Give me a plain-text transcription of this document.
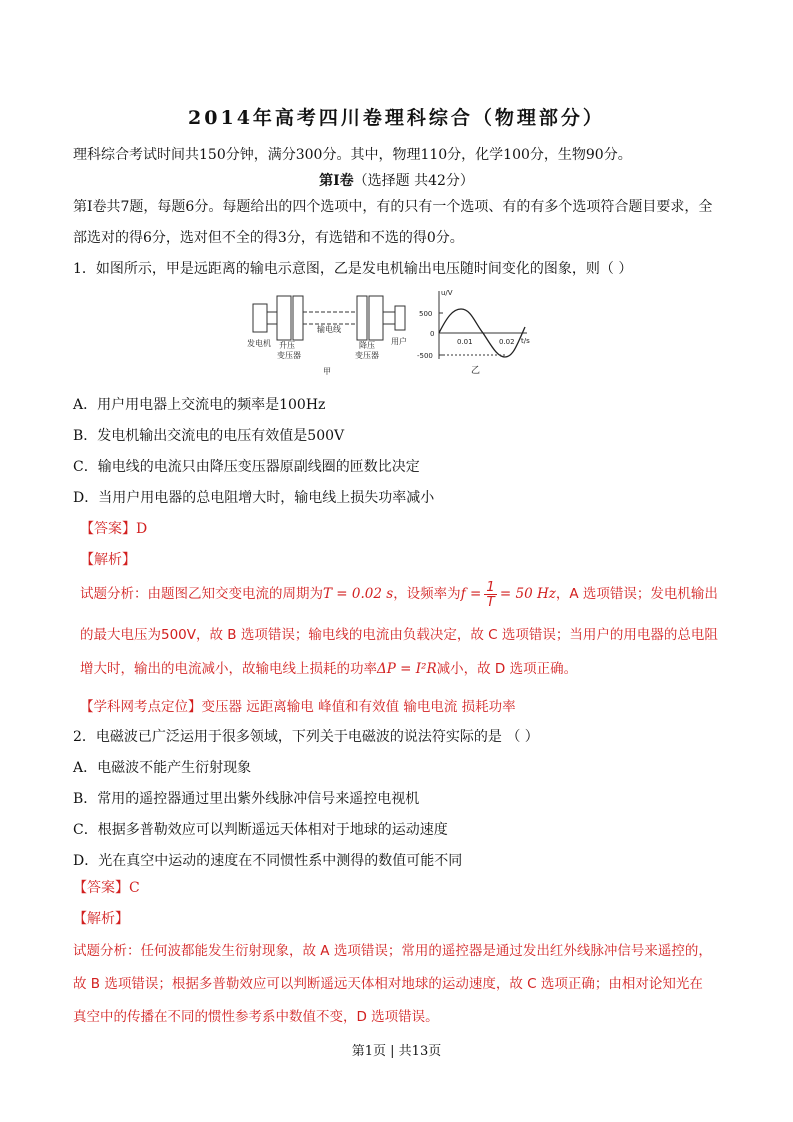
2014年高考四川卷理科综合（物理部分）
理科综合考试时间共150分钟，满分300分。其中，物理110分，化学100分，生物90分。
第I卷（选择题 共42分）
第I卷共7题，每题6分。每题给出的四个选项中，有的只有一个选项、有的有多个选项符合题目要求，全
部选对的得6分，选对但不全的得3分，有选错和不选的得0分。
1．如图所示，甲是远距离的输电示意图，乙是发电机输出电压随时间变化的图象，则（ ）
发电机 升压
变压器
输电线
降压
变压器
用户
甲
u/V
t/s
500
0
-500
0.01	0.02
乙
A．用户用电器上交流电的频率是100Hz
B．发电机输出交流电的电压有效值是500V
C．输电线的电流只由降压变压器原副线圈的匝数比决定
D．当用户用电器的总电阻增大时，输电线上损失功率减小
【答案】D
【解析】
试题分析：由题图乙知交变电流的周期为T = 0.02 s，设频率为$f = \frac{1}{T} = 50$ Hz，A 选项错误；发电机输出
的最大电压为500V，故 B 选项错误；输电线的电流由负载决定，故 C 选项错误；当用户的用电器的总电阻
增大时，输出的电流减小，故输电线上损耗的功率ΔP = I²R减小，故 D 选项正确。
【学科网考点定位】变压器 远距离输电 峰值和有效值 输电电流 损耗功率
2．电磁波已广泛运用于很多领域，下列关于电磁波的说法符实际的是 （ ）
A．电磁波不能产生衍射现象
B．常用的遥控器通过里出紫外线脉冲信号来遥控电视机
C．根据多普勒效应可以判断遥远天体相对于地球的运动速度
D．光在真空中运动的速度在不同惯性系中测得的数值可能不同
【答案】C
【解析】
试题分析：任何波都能发生衍射现象，故 A 选项错误；常用的遥控器是通过发出红外线脉冲信号来遥控的，
故 B 选项错误；根据多普勒效应可以判断遥远天体相对地球的运动速度，故 C 选项正确；由相对论知光在
真空中的传播在不同的惯性参考系中数值不变，D 选项错误。
第1页 | 共13页
